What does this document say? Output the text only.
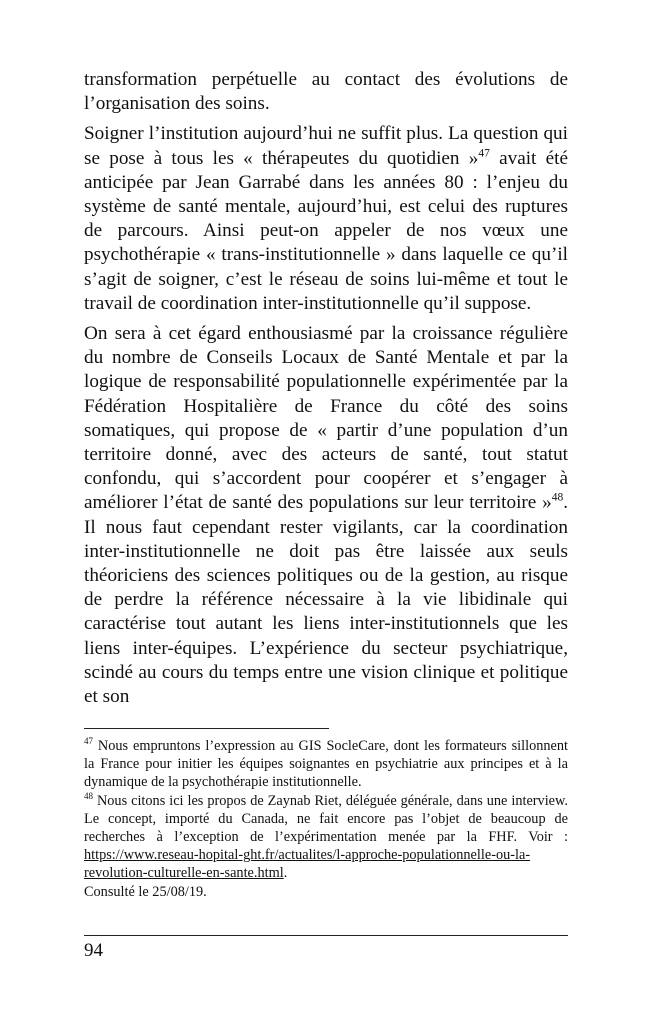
transformation perpétuelle au contact des évolutions de l’organisation des soins.

Soigner l’institution aujourd’hui ne suffit plus. La question qui se pose à tous les « thérapeutes du quotidien »$^{47}$ avait été anticipée par Jean Garrabé dans les années 80 : l’enjeu du système de santé mentale, aujourd’hui, est celui des ruptures de parcours. Ainsi peut-on appeler de nos vœux une psychothérapie « trans-institutionnelle » dans laquelle ce qu’il s’agit de soigner, c’est le réseau de soins lui-même et tout le travail de coordination inter-institutionnelle qu’il suppose.

On sera à cet égard enthousiasmé par la croissance régulière du nombre de Conseils Locaux de Santé Mentale et par la logique de responsabilité populationnelle expérimentée par la Fédération Hospitalière de France du côté des soins somatiques, qui propose de « partir d’une population d’un territoire donné, avec des acteurs de santé, tout statut confondu, qui s’accordent pour coopérer et s’engager à améliorer l’état de santé des populations sur leur territoire »$^{48}$. Il nous faut cependant rester vigilants, car la coordination inter-institutionnelle ne doit pas être laissée aux seuls théoriciens des sciences politiques ou de la gestion, au risque de perdre la référence nécessaire à la vie libidinale qui caractérise tout autant les liens inter-institutionnels que les liens inter-équipes. L’expérience du secteur psychiatrique, scindé au cours du temps entre une vision clinique et politique et son

$^{47}$ Nous empruntons l’expression au GIS SocleCare, dont les formateurs sillonnent la France pour initier les équipes soignantes en psychiatrie aux principes et à la dynamique de la psychothérapie institutionnelle.

$^{48}$ Nous citons ici les propos de Zaynab Riet, déléguée générale, dans une interview. Le concept, importé du Canada, ne fait encore pas l’objet de beaucoup de recherches à l’exception de l’expérimentation menée par la FHF. Voir : https://www.reseau-hopital-ght.fr/actualites/l-approche-populationnelle-ou-la-revolution-culturelle-en-sante.html.
Consulté le 25/08/19.

94
